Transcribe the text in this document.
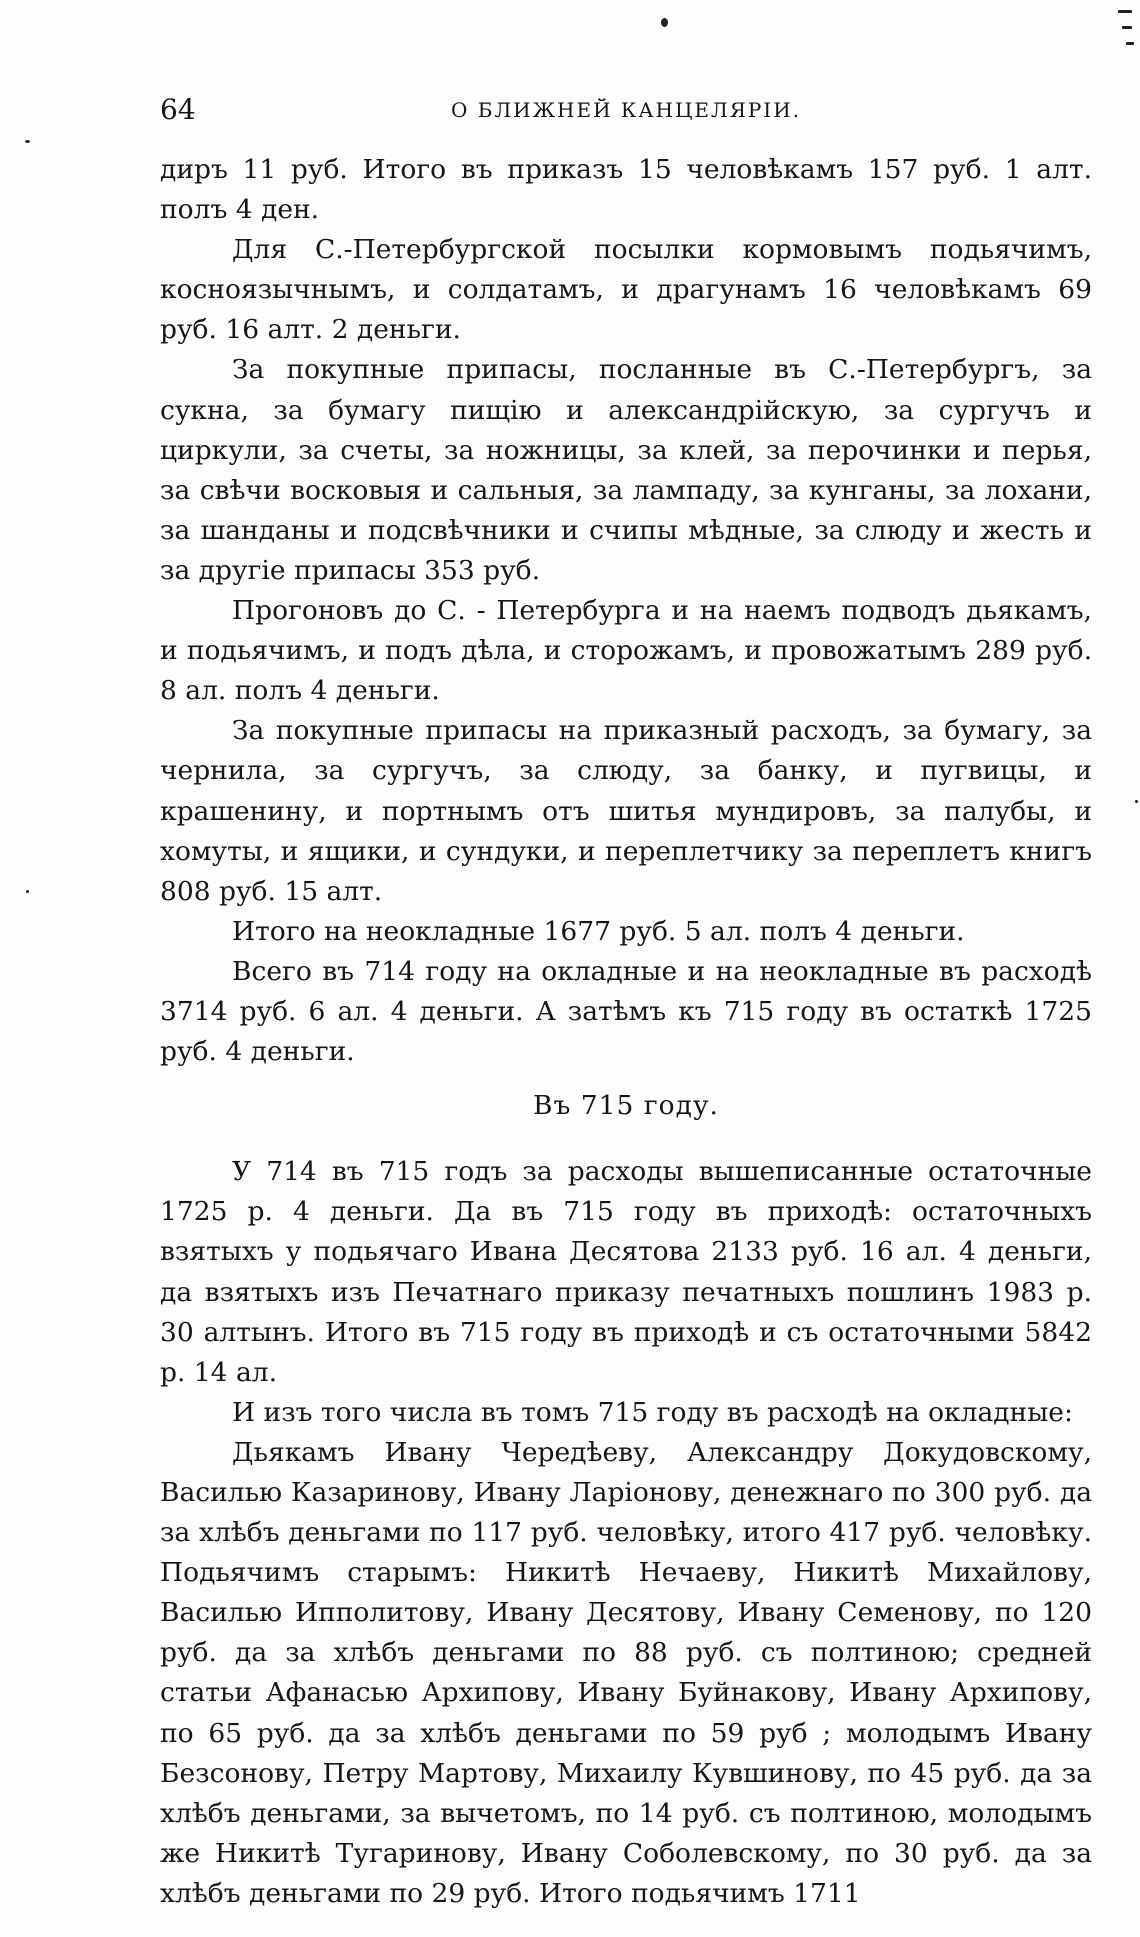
64	О БЛИЖНЕЙ КАНЦЕЛЯРІИ.

диръ 11 руб. Итого въ приказъ 15 человѣкамъ 157 руб. 1 алт. полъ 4 ден.

Для С.-Петербургской посылки кормовымъ подьячимъ, косноязычнымъ, и солдатамъ, и драгунамъ 16 человѣкамъ 69 руб. 16 алт. 2 деньги.

За покупные припасы, посланные въ С.-Петербургъ, за сукна, за бумагу пищію и александрійскую, за сургучъ и циркули, за счеты, за ножницы, за клей, за перочинки и перья, за свѣчи восковыя и сальныя, за лампаду, за кунганы, за лохани, за шанданы и подсвѣчники и счипы мѣдные, за слюду и жесть и за другіе припасы 353 руб.

Прогоновъ до С. - Петербурга и на наемъ подводъ дьякамъ, и подьячимъ, и подъ дѣла, и сторожамъ, и провожатымъ 289 руб. 8 ал. полъ 4 деньги.

За покупные припасы на приказный расходъ, за бумагу, за чернила, за сургучъ, за слюду, за банку, и пугвицы, и крашенину, и портнымъ отъ шитья мундировъ, за палубы, и хомуты, и ящики, и сундуки, и переплетчику за переплетъ книгъ 808 руб. 15 алт.

Итого на неокладные 1677 руб. 5 ал. полъ 4 деньги.

Всего въ 714 году на окладные и на неокладные въ расходѣ 3714 руб. 6 ал. 4 деньги. А затѣмъ къ 715 году въ остаткѣ 1725 руб. 4 деньги.

Въ 715 году.

У 714 въ 715 годъ за расходы вышеписанные остаточные 1725 р. 4 деньги. Да въ 715 году въ приходѣ: остаточныхъ взятыхъ у подьячаго Ивана Десятова 2133 руб. 16 ал. 4 деньги, да взятыхъ изъ Печатнаго приказу печатныхъ пошлинъ 1983 р. 30 алтынъ. Итого въ 715 году въ приходѣ и съ остаточными 5842 р. 14 ал.

И изъ того числа въ томъ 715 году въ расходѣ на окладные:

Дьякамъ Ивану Чередѣеву, Александру Докудовскому, Василью Казаринову, Ивану Ларіонову, денежнаго по 300 руб. да за хлѣбъ деньгами по 117 руб. человѣку, итого 417 руб. человѣку. Подьячимъ старымъ: Никитѣ Нечаеву, Никитѣ Михайлову, Василью Ипполитову, Ивану Десятову, Ивану Семенову, по 120 руб. да за хлѣбъ деньгами по 88 руб. съ полтиною; средней статьи Афанасью Архипову, Ивану Буйнакову, Ивану Архипову, по 65 руб. да за хлѣбъ деньгами по 59 руб ; молодымъ Ивану Безсонову, Петру Мартову, Михаилу Кувшинову, по 45 руб. да за хлѣбъ деньгами, за вычетомъ, по 14 руб. съ полтиною, молодымъ же Никитѣ Тугаринову, Ивану Соболевскому, по 30 руб. да за хлѣбъ деньгами по 29 руб. Итого подьячимъ 1711
